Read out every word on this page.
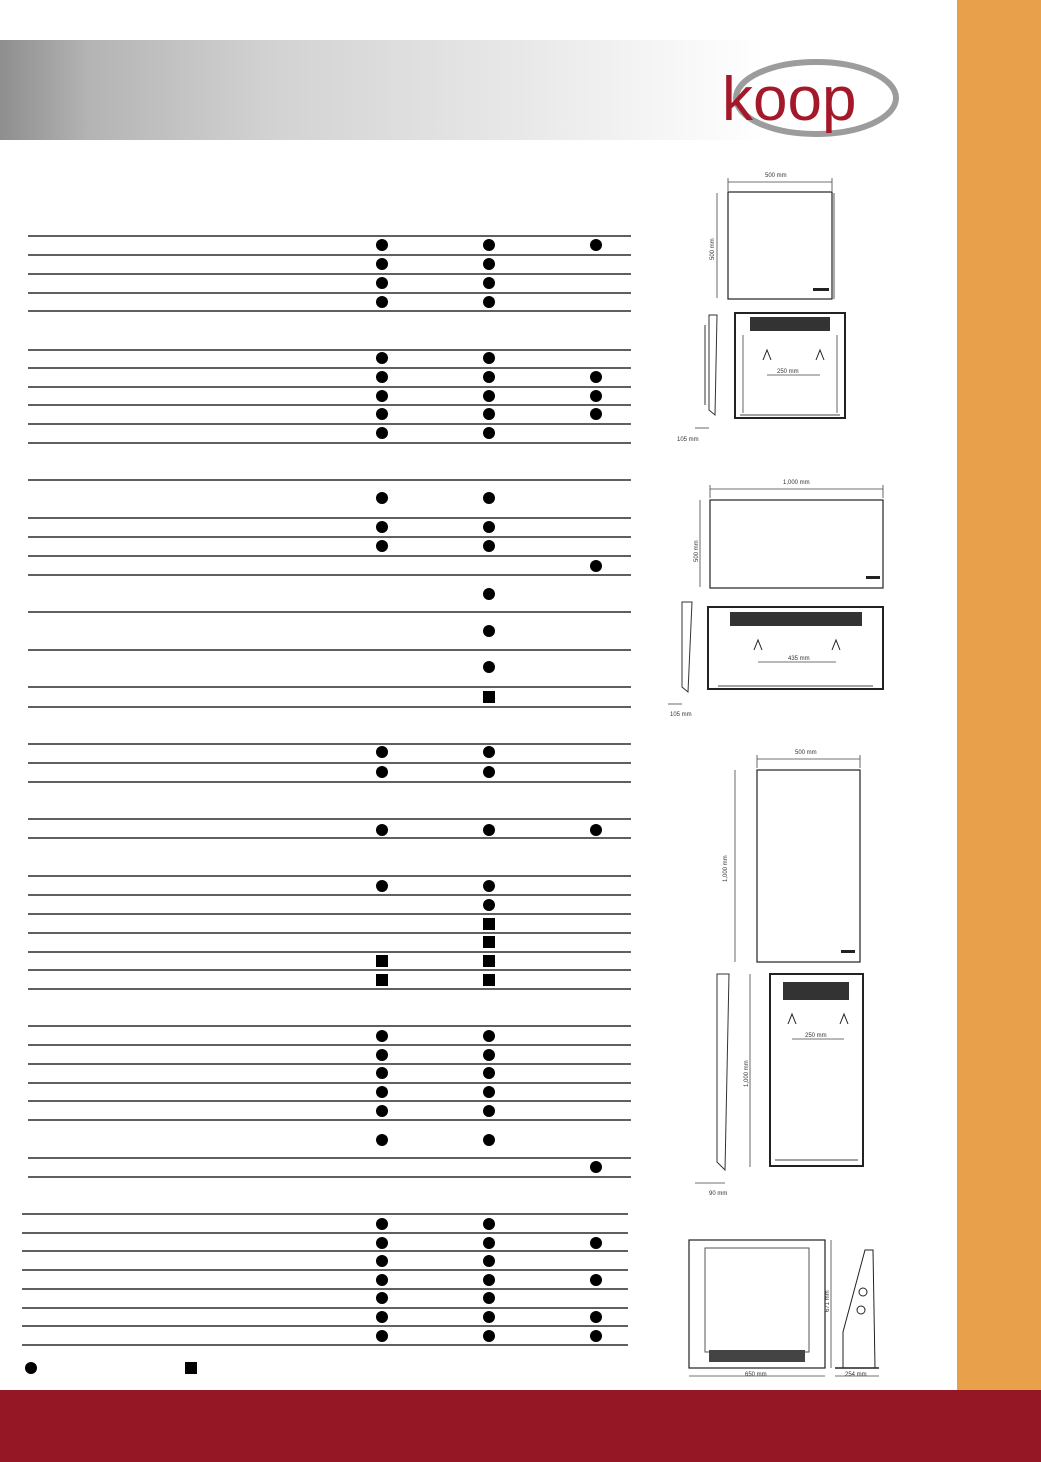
koop
500 mm
500 mm
105 mm
250 mm
1,000 mm
500 mm
105 mm
435 mm
500 mm
1,000 mm
1,000 mm
90 mm
250 mm
671 mm
650 mm	254 mm
